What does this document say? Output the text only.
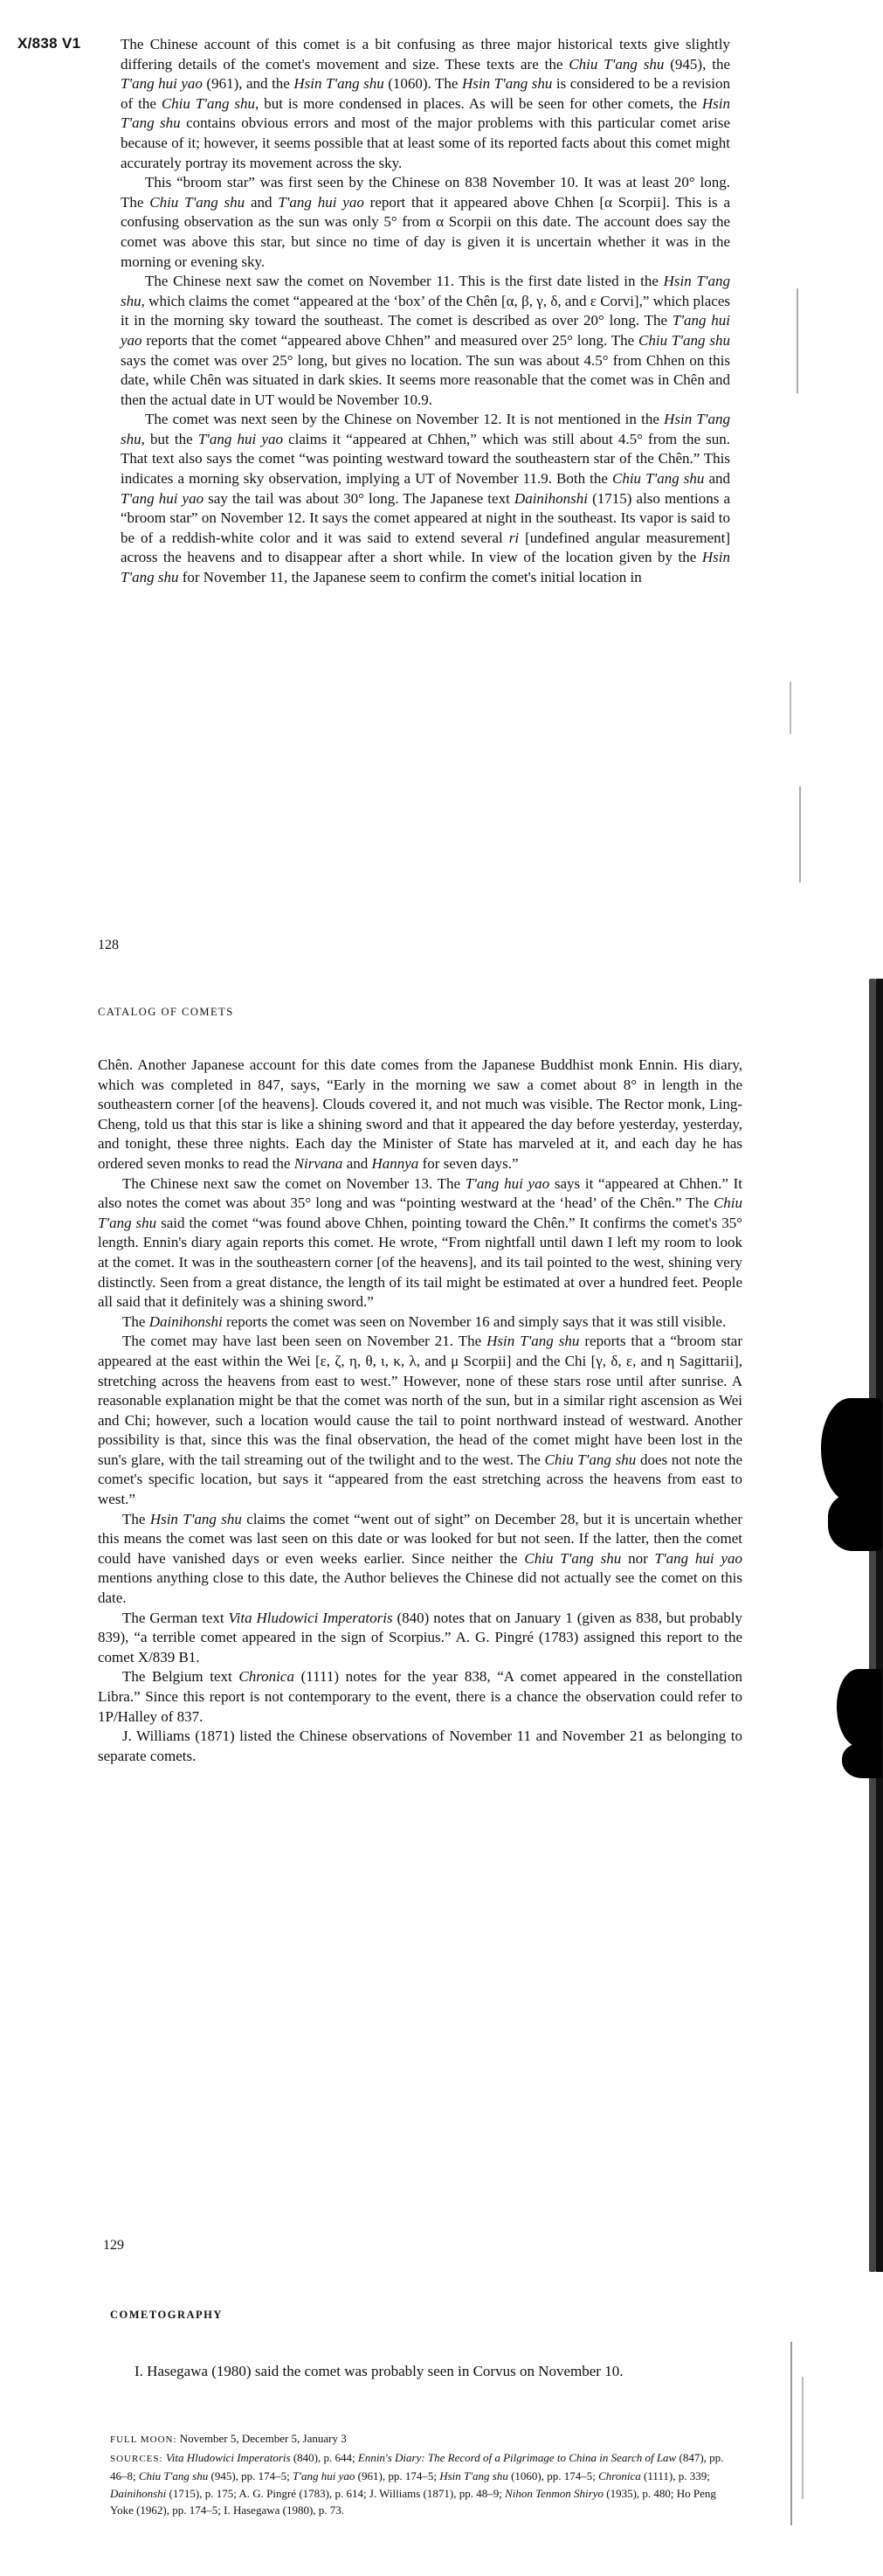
X/838 V1	The Chinese account of this comet is a bit confusing as three major historical texts give slightly differing details of the comet's movement and size. These texts are the Chiu T'ang shu (945), the T'ang hui yao (961), and the Hsin T'ang shu (1060). The Hsin T'ang shu is considered to be a revision of the Chiu T'ang shu, but is more condensed in places. As will be seen for other comets, the Hsin T'ang shu contains obvious errors and most of the major problems with this particular comet arise because of it; however, it seems possible that at least some of its reported facts about this comet might accurately portray its movement across the sky.

This “broom star” was first seen by the Chinese on 838 November 10. It was at least 20° long. The Chiu T'ang shu and T'ang hui yao report that it appeared above Chhen [α Scorpii]. This is a confusing observation as the sun was only 5° from α Scorpii on this date. The account does say the comet was above this star, but since no time of day is given it is uncertain whether it was in the morning or evening sky.

The Chinese next saw the comet on November 11. This is the first date listed in the Hsin T'ang shu, which claims the comet “appeared at the ‘box’ of the Chên [α, β, γ, δ, and ε Corvi],” which places it in the morning sky toward the southeast. The comet is described as over 20° long. The T'ang hui yao reports that the comet “appeared above Chhen” and measured over 25° long. The Chiu T'ang shu says the comet was over 25° long, but gives no location. The sun was about 4.5° from Chhen on this date, while Chên was situated in dark skies. It seems more reasonable that the comet was in Chên and then the actual date in UT would be November 10.9.

The comet was next seen by the Chinese on November 12. It is not mentioned in the Hsin T'ang shu, but the T'ang hui yao claims it “appeared at Chhen,” which was still about 4.5° from the sun. That text also says the comet “was pointing westward toward the southeastern star of the Chên.” This indicates a morning sky observation, implying a UT of November 11.9. Both the Chiu T'ang shu and T'ang hui yao say the tail was about 30° long. The Japanese text Dainihonshi (1715) also mentions a “broom star” on November 12. It says the comet appeared at night in the southeast. Its vapor is said to be of a reddish-white color and it was said to extend several ri [undefined angular measurement] across the heavens and to disappear after a short while. In view of the location given by the Hsin T'ang shu for November 11, the Japanese seem to confirm the comet's initial location in

128
CATALOG OF COMETS

Chên. Another Japanese account for this date comes from the Japanese Buddhist monk Ennin. His diary, which was completed in 847, says, “Early in the morning we saw a comet about 8° in length in the southeastern corner [of the heavens]. Clouds covered it, and not much was visible. The Rector monk, Ling-Cheng, told us that this star is like a shining sword and that it appeared the day before yesterday, yesterday, and tonight, these three nights. Each day the Minister of State has marveled at it, and each day he has ordered seven monks to read the Nirvana and Hannya for seven days.”

The Chinese next saw the comet on November 13. The T'ang hui yao says it “appeared at Chhen.” It also notes the comet was about 35° long and was “pointing westward at the ‘head’ of the Chên.” The Chiu T'ang shu said the comet “was found above Chhen, pointing toward the Chên.” It confirms the comet's 35° length. Ennin's diary again reports this comet. He wrote, “From nightfall until dawn I left my room to look at the comet. It was in the southeastern corner [of the heavens], and its tail pointed to the west, shining very distinctly. Seen from a great distance, the length of its tail might be estimated at over a hundred feet. People all said that it definitely was a shining sword.”

The Dainihonshi reports the comet was seen on November 16 and simply says that it was still visible.

The comet may have last been seen on November 21. The Hsin T'ang shu reports that a “broom star appeared at the east within the Wei [ε, ζ, η, θ, ι, κ, λ, and μ Scorpii] and the Chi [γ, δ, ε, and η Sagittarii], stretching across the heavens from east to west.” However, none of these stars rose until after sunrise. A reasonable explanation might be that the comet was north of the sun, but in a similar right ascension as Wei and Chi; however, such a location would cause the tail to point northward instead of westward. Another possibility is that, since this was the final observation, the head of the comet might have been lost in the sun's glare, with the tail streaming out of the twilight and to the west. The Chiu T'ang shu does not note the comet's specific location, but says it “appeared from the east stretching across the heavens from east to west.”

The Hsin T'ang shu claims the comet “went out of sight” on December 28, but it is uncertain whether this means the comet was last seen on this date or was looked for but not seen. If the latter, then the comet could have vanished days or even weeks earlier. Since neither the Chiu T'ang shu nor T'ang hui yao mentions anything close to this date, the Author believes the Chinese did not actually see the comet on this date.

The German text Vita Hludowici Imperatoris (840) notes that on January 1 (given as 838, but probably 839), “a terrible comet appeared in the sign of Scorpius.” A. G. Pingré (1783) assigned this report to the comet X/839 B1.

The Belgium text Chronica (1111) notes for the year 838, “A comet appeared in the constellation Libra.” Since this report is not contemporary to the event, there is a chance the observation could refer to 1P/Halley of 837.

J. Williams (1871) listed the Chinese observations of November 11 and November 21 as belonging to separate comets.

129
COMETOGRAPHY

I. Hasegawa (1980) said the comet was probably seen in Corvus on November 10.

FULL MOON: November 5, December 5, January 3

SOURCES: Vita Hludowici Imperatoris (840), p. 644; Ennin's Diary: The Record of a Pilgrimage to China in Search of Law (847), pp. 46–8; Chiu T'ang shu (945), pp. 174–5; T'ang hui yao (961), pp. 174–5; Hsin T'ang shu (1060), pp. 174–5; Chronica (1111), p. 339; Dainihonshi (1715), p. 175; A. G. Pingré (1783), p. 614; J. Williams (1871), pp. 48–9; Nihon Tenmon Shiryo (1935), p. 480; Ho Peng Yoke (1962), pp. 174–5; I. Hasegawa (1980), p. 73.
